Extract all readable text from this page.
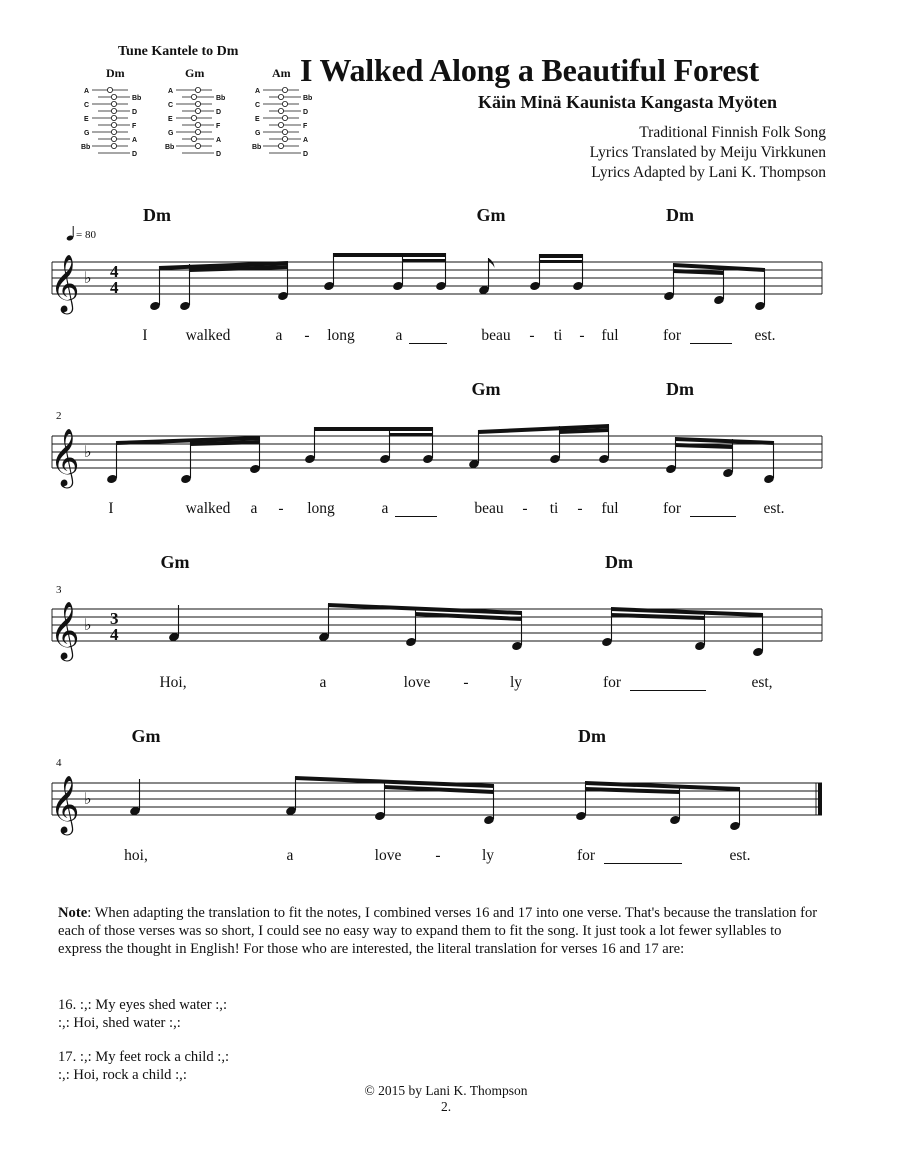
I Walked Along a Beautiful Forest
Käin Minä Kaunista Kangasta Myöten
Traditional Finnish Folk Song
Lyrics Translated by Meiju Virkkunen
Lyrics Adapted by Lani K. Thompson
Tune Kantele to Dm
Dm	Gm	Am
A
C
E
G
Bb
Bb
D
F
A
D
A
C
E
G
Bb
Bb
D
F
A
D
A
C
E
G
Bb
Bb
D
F
A
D
= 80
Dm	Gm	Dm
𝄞 ♭ 4
4
I walked	a - long	a	beau - ti - ful	for	est.
Gm	Dm
2
𝄞 ♭
I	walked a - long	a	beau - ti - ful	for	est.
Gm	Dm
3
𝄞 ♭ 3
4
Hoi,	a	love -	ly	for	est,
Gm	Dm
4
𝄞 ♭
hoi,	a	love -	ly	for	est.
Note: When adapting the translation to fit the notes, I combined verses 16 and 17 into one verse. That's because the translation for each of those verses was so short, I could see no easy way to expand them to fit the song. It just took a lot fewer syllables to express the thought in English! For those who are interested, the literal translation for verses 16 and 17 are:
16. :,: My eyes shed water :,:
:,: Hoi, shed water :,:
17. :,: My feet rock a child :,:
:,: Hoi, rock a child :,:
© 2015 by Lani K. Thompson
2.
